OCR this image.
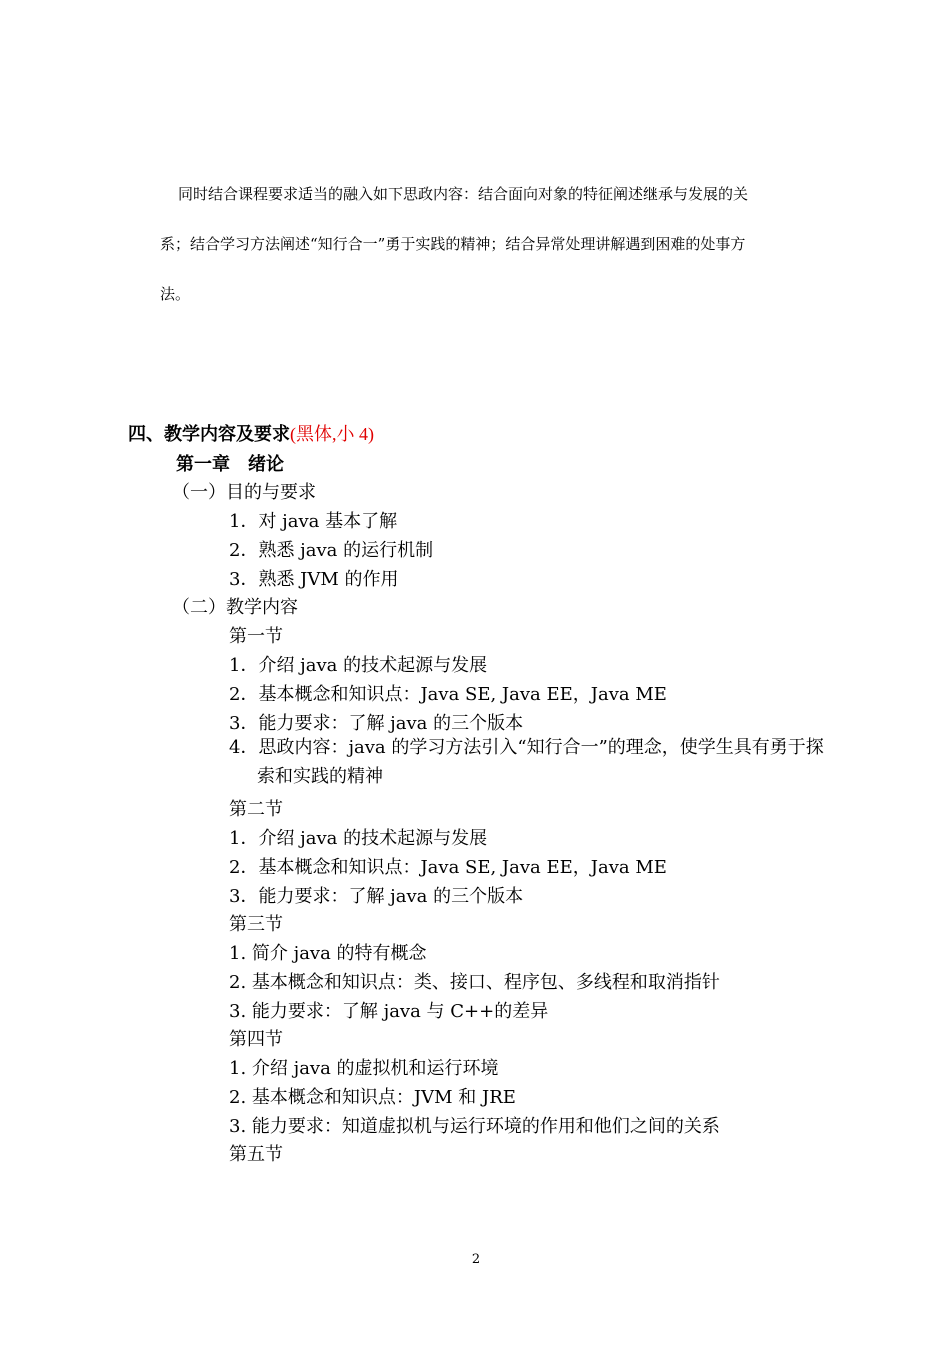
同时结合课程要求适当的融入如下思政内容：结合面向对象的特征阐述继承与发展的关
系；结合学习方法阐述“知行合一”勇于实践的精神；结合异常处理讲解遇到困难的处事方
法。
四、教学内容及要求(黑体,小 4)
第一章　绪论
（一）目的与要求
1．对 java 基本了解
2．熟悉 java 的运行机制
3．熟悉 JVM 的作用
（二）教学内容
第一节
1．介绍 java 的技术起源与发展
2．基本概念和知识点：Java SE, Java EE，Java ME
3．能力要求：了解 java 的三个版本
4．思政内容：java 的学习方法引入“知行合一”的理念，使学生具有勇于探索和实践的精神
第二节
1．介绍 java 的技术起源与发展
2．基本概念和知识点：Java SE, Java EE，Java ME
3．能力要求：了解 java 的三个版本
第三节
1. 简介 java 的特有概念
2. 基本概念和知识点：类、接口、程序包、多线程和取消指针
3. 能力要求：了解 java 与 C++的差异
第四节
1. 介绍 java 的虚拟机和运行环境
2. 基本概念和知识点：JVM 和 JRE
3. 能力要求：知道虚拟机与运行环境的作用和他们之间的关系
第五节
2
